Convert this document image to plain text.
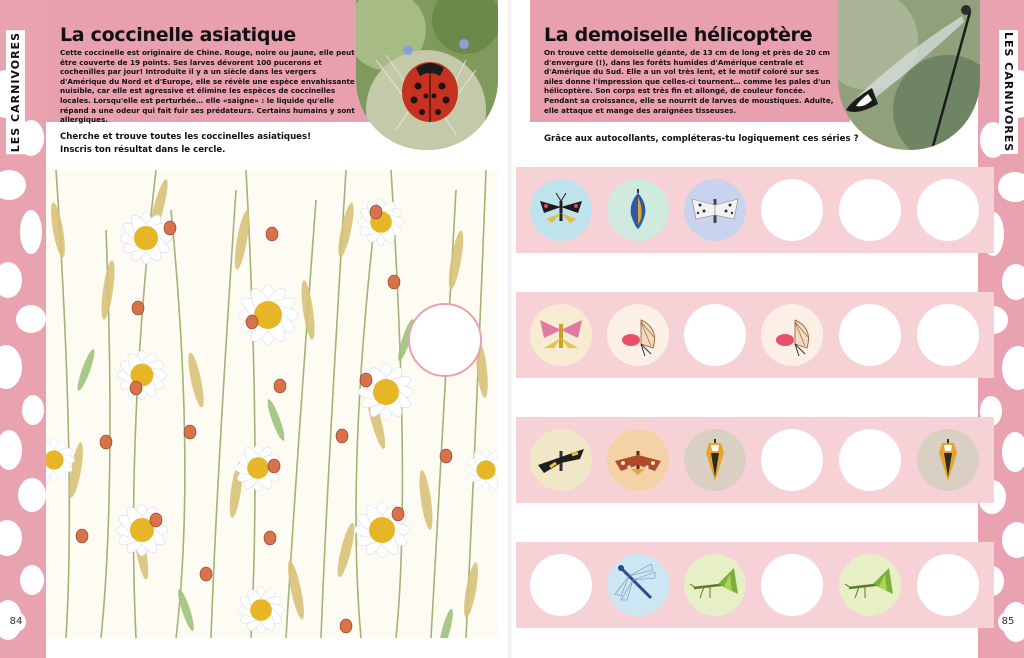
LES CARNIVORES
84
La coccinelle asiatique
Cette coccinelle est originaire de Chine. Rouge, noire ou jaune, elle peut être couverte de 19 points. Ses larves dévorent 100 pucerons et cochenilles par jour! Introduite il y a un siècle dans les vergers d'Amérique du Nord et d'Europe, elle se révèle une espèce envahissante nuisible, car elle est agressive et élimine les espèces de coccinelles locales. Lorsqu'elle est perturbée… elle «saigne» : le liquide qu'elle répand a une odeur qui fait fuir ses prédateurs. Certains humains y sont allergiques.
Cherche et trouve toutes les coccinelles asiatiques!
Inscris ton résultat dans le cercle.	LES CARNIVORES
85
La demoiselle hélicoptère
On trouve cette demoiselle géante, de 13 cm de long et près de 20 cm d'envergure (!), dans les forêts humides d'Amérique centrale et d'Amérique du Sud. Elle a un vol très lent, et le motif coloré sur ses ailes donne l'impression que celles-ci tournent… comme les pales d'un hélicoptère. Son corps est très fin et allongé, de couleur foncée. Pendant sa croissance, elle se nourrit de larves de moustiques. Adulte, elle attaque et mange des araignées tisseuses.
Grâce aux autocollants, compléteras-tu logiquement ces séries ?
